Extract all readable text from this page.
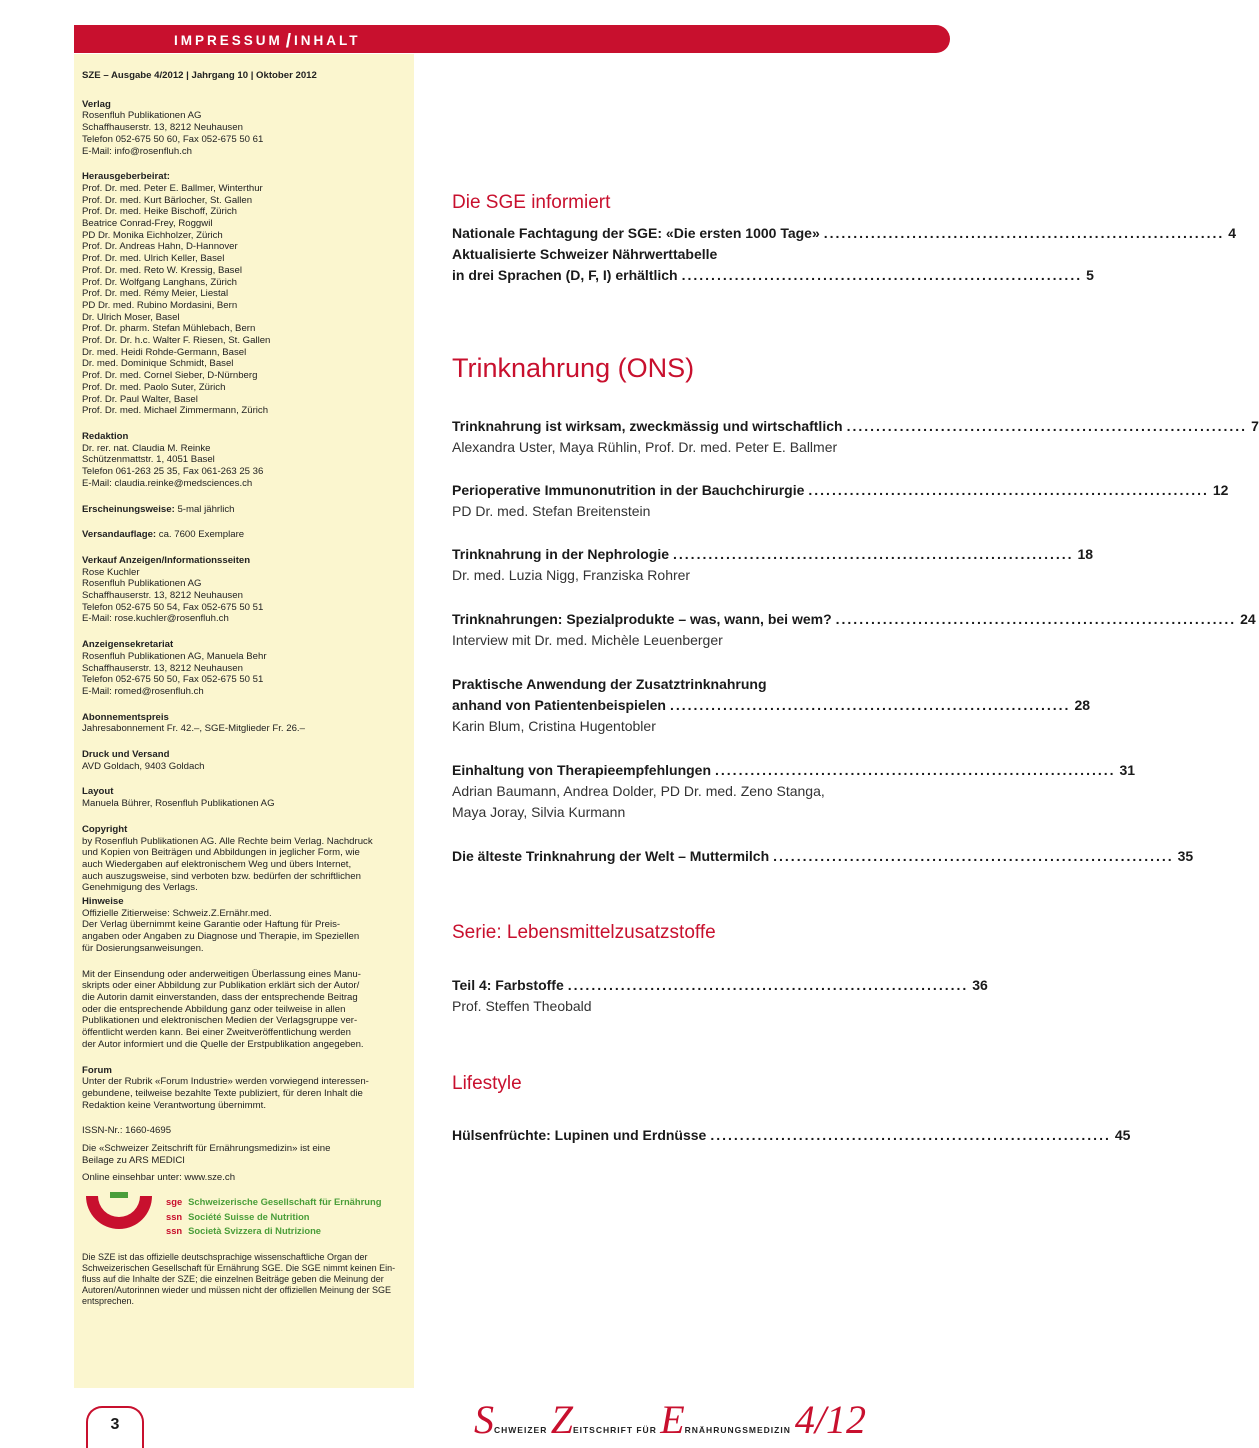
IMPRESSUM / INHALT
SZE – Ausgabe 4/2012 | Jahrgang 10 | Oktober 2012
Verlag
Rosenfluh Publikationen AG
Schaffhauserstr. 13, 8212 Neuhausen
Telefon 052-675 50 60, Fax 052-675 50 61
E-Mail: info@rosenfluh.ch
Herausgeberbeirat:
Prof. Dr. med. Peter E. Ballmer, Winterthur
Prof. Dr. med. Kurt Bärlocher, St. Gallen
Prof. Dr. med. Heike Bischoff, Zürich
Beatrice Conrad-Frey, Roggwil
PD Dr. Monika Eichholzer, Zürich
Prof. Dr. Andreas Hahn, D-Hannover
Prof. Dr. med. Ulrich Keller, Basel
Prof. Dr. med. Reto W. Kressig, Basel
Prof. Dr. Wolfgang Langhans, Zürich
Prof. Dr. med. Rémy Meier, Liestal
PD Dr. med. Rubino Mordasini, Bern
Dr. Ulrich Moser, Basel
Prof. Dr. pharm. Stefan Mühlebach, Bern
Prof. Dr. Dr. h.c. Walter F. Riesen, St. Gallen
Dr. med. Heidi Rohde-Germann, Basel
Dr. med. Dominique Schmidt, Basel
Prof. Dr. med. Cornel Sieber, D-Nürnberg
Prof. Dr. med. Paolo Suter, Zürich
Prof. Dr. Paul Walter, Basel
Prof. Dr. med. Michael Zimmermann, Zürich
Redaktion
Dr. rer. nat. Claudia M. Reinke
Schützenmattstr. 1, 4051 Basel
Telefon 061-263 25 35, Fax 061-263 25 36
E-Mail: claudia.reinke@medsciences.ch
Erscheinungsweise: 5-mal jährlich
Versandauflage: ca. 7600 Exemplare
Verkauf Anzeigen/Informationsseiten
Rose Kuchler
Rosenfluh Publikationen AG
Schaffhauserstr. 13, 8212 Neuhausen
Telefon 052-675 50 54, Fax 052-675 50 51
E-Mail: rose.kuchler@rosenfluh.ch
Anzeigensekretariat
Rosenfluh Publikationen AG, Manuela Behr
Schaffhauserstr. 13, 8212 Neuhausen
Telefon 052-675 50 50, Fax 052-675 50 51
E-Mail: romed@rosenfluh.ch
Abonnementspreis
Jahresabonnement Fr. 42.–, SGE-Mitglieder Fr. 26.–
Druck und Versand
AVD Goldach, 9403 Goldach
Layout
Manuela Bührer, Rosenfluh Publikationen AG
Copyright
by Rosenfluh Publikationen AG. Alle Rechte beim Verlag. Nachdruck
und Kopien von Beiträgen und Abbildungen in jeglicher Form, wie
auch Wiedergaben auf elektronischem Weg und übers Internet,
auch auszugsweise, sind verboten bzw. bedürfen der schriftlichen
Genehmigung des Verlags.
Hinweise
Offizielle Zitierweise: Schweiz.Z.Ernähr.med.
Der Verlag übernimmt keine Garantie oder Haftung für Preis-
angaben oder Angaben zu Diagnose und Therapie, im Speziellen
für Dosierungsanweisungen.
Mit der Einsendung oder anderweitigen Überlassung eines Manu-
skripts oder einer Abbildung zur Publikation erklärt sich der Autor/
die Autorin damit einverstanden, dass der entsprechende Beitrag
oder die entsprechende Abbildung ganz oder teilweise in allen
Publikationen und elektronischen Medien der Verlagsgruppe ver-
öffentlicht werden kann. Bei einer Zweitveröffentlichung werden
der Autor informiert und die Quelle der Erstpublikation angegeben.
Forum
Unter der Rubrik «Forum Industrie» werden vorwiegend interessen-
gebundene, teilweise bezahlte Texte publiziert, für deren Inhalt die
Redaktion keine Verantwortung übernimmt.
ISSN-Nr.: 1660-4695
Die «Schweizer Zeitschrift für Ernährungsmedizin» ist eine
Beilage zu ARS MEDICI
Online einsehbar unter: www.sze.ch
sge Schweizerische Gesellschaft für Ernährung
ssn Société Suisse de Nutrition
ssn Società Svizzera di Nutrizione
Die SZE ist das offizielle deutschsprachige wissenschaftliche Organ der
Schweizerischen Gesellschaft für Ernährung SGE. Die SGE nimmt keinen Ein-
fluss auf die Inhalte der SZE; die einzelnen Beiträge geben die Meinung der
Autoren/Autorinnen wieder und müssen nicht der offiziellen Meinung der SGE
entsprechen.
Die SGE informiert
Nationale Fachtagung der SGE: «Die ersten 1000 Tage» .................................................................... 4
Aktualisierte Schweizer Nährwerttabelle
in drei Sprachen (D, F, I) erhältlich .................................................................... 5
Trinknahrung (ONS)
Trinknahrung ist wirksam, zweckmässig und wirtschaftlich .................................................................... 7
Alexandra Uster, Maya Rühlin, Prof. Dr. med. Peter E. Ballmer
Perioperative Immunonutrition in der Bauchchirurgie .................................................................... 12
PD Dr. med. Stefan Breitenstein
Trinknahrung in der Nephrologie .................................................................... 18
Dr. med. Luzia Nigg, Franziska Rohrer
Trinknahrungen: Spezialprodukte – was, wann, bei wem? .................................................................... 24
Interview mit Dr. med. Michèle Leuenberger
Praktische Anwendung der Zusatztrinknahrung
anhand von Patientenbeispielen .................................................................... 28
Karin Blum, Cristina Hugentobler
Einhaltung von Therapieempfehlungen .................................................................... 31
Adrian Baumann, Andrea Dolder, PD Dr. med. Zeno Stanga,
Maya Joray, Silvia Kurmann
Die älteste Trinknahrung der Welt – Muttermilch .................................................................... 35
Serie: Lebensmittelzusatzstoffe
Teil 4: Farbstoffe .................................................................... 36
Prof. Steffen Theobald
Lifestyle
Hülsenfrüchte: Lupinen und Erdnüsse .................................................................... 45
3	SCHWEIZER ZEITSCHRIFT FÜR ERNÄHRUNGSMEDIZIN 4/12
